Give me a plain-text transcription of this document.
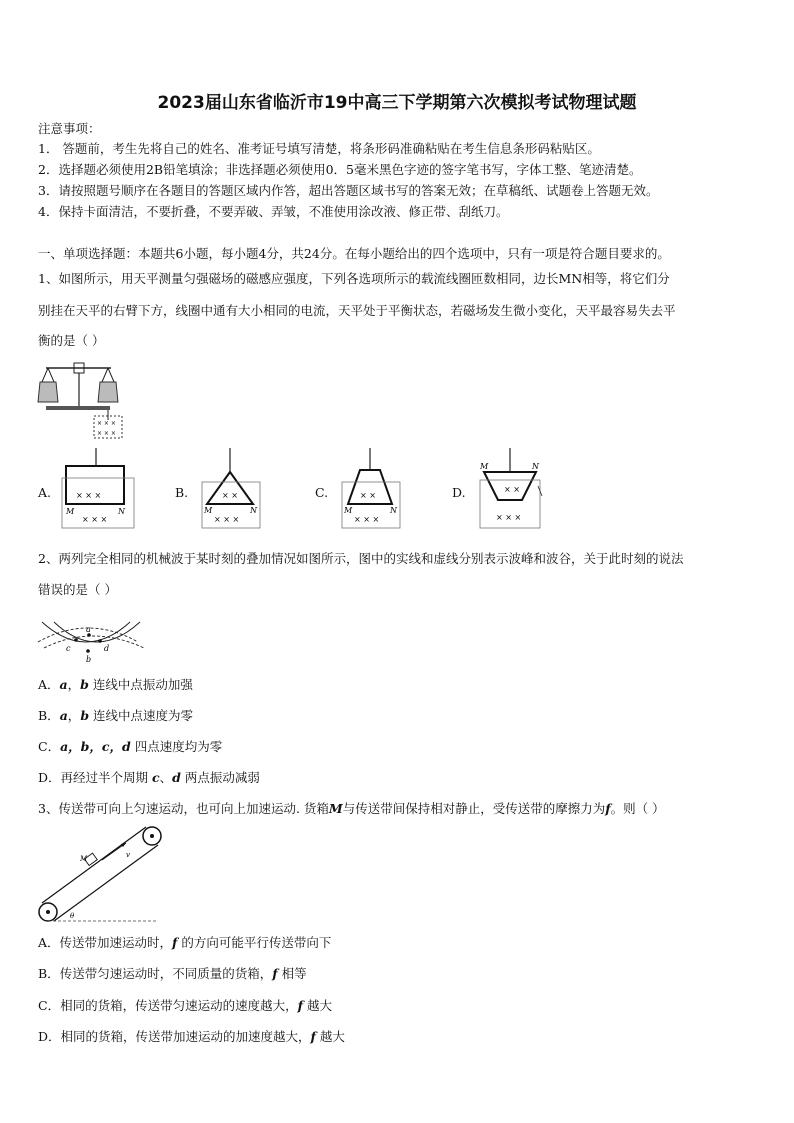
2023届山东省临沂市19中高三下学期第六次模拟考试物理试题
注意事项：
1． 答题前，考生先将自己的姓名、准考证号填写清楚，将条形码准确粘贴在考生信息条形码粘贴区。
2．选择题必须使用2B铅笔填涂；非选择题必须使用0．5毫米黑色字迹的签字笔书写，字体工整、笔迹清楚。
3．请按照题号顺序在各题目的答题区域内作答，超出答题区域书写的答案无效；在草稿纸、试题卷上答题无效。
4．保持卡面清洁，不要折叠，不要弄破、弄皱，不准使用涂改液、修正带、刮纸刀。
一、单项选择题：本题共6小题，每小题4分，共24分。在每小题给出的四个选项中，只有一项是符合题目要求的。
1、如图所示，用天平测量匀强磁场的磁感应强度，下列各选项所示的载流线圈匝数相同，边长MN相等，将它们分
别挂在天平的右臂下方，线圈中通有大小相同的电流，天平处于平衡状态，若磁场发生微小变化，天平最容易失去平
衡的是（ ）
× × ×
× × ×
A.	× × ×
× × ×
M	N
B.	× ×
× × ×
M	N
C.	× ×
× × ×
M	N
D.	× ×
× × ×
M	N
2、两列完全相同的机械波于某时刻的叠加情况如图所示，图中的实线和虚线分别表示波峰和波谷，关于此时刻的说法
错误的是（ ）
a
b
c	d
A．a，b 连线中点振动加强
B．a，b 连线中点速度为零
C．a，b，c，d 四点速度均为零
D．再经过半个周期 c、d 两点振动减弱
3、传送带可向上匀速运动，也可向上加速运动. 货箱M与传送带间保持相对静止，受传送带的摩擦力为f。则（ ）
M	v
θ
A．传送带加速运动时，f 的方向可能平行传送带向下
B．传送带匀速运动时，不同质量的货箱，f 相等
C．相同的货箱，传送带匀速运动的速度越大，f 越大
D．相同的货箱，传送带加速运动的加速度越大，f 越大
